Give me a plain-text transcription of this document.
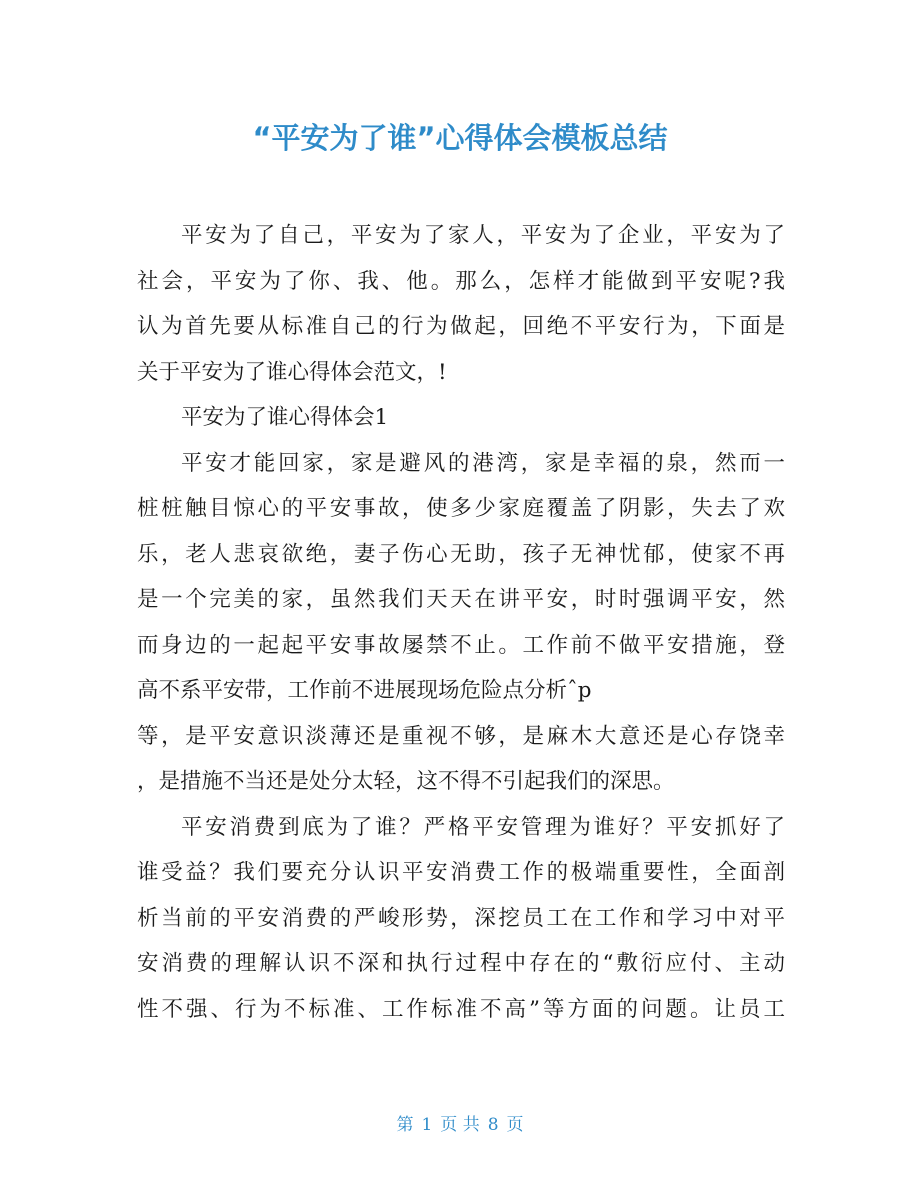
“平安为了谁”心得体会模板总结
平安为了自己，平安为了家人，平安为了企业，平安为了
社会，平安为了你、我、他。那么，怎样才能做到平安呢?我
认为首先要从标准自己的行为做起，回绝不平安行为，下面是
关于平安为了谁心得体会范文，!
平安为了谁心得体会1
平安才能回家，家是避风的港湾，家是幸福的泉，然而一
桩桩触目惊心的平安事故，使多少家庭覆盖了阴影，失去了欢
乐，老人悲哀欲绝，妻子伤心无助，孩子无神忧郁，使家不再
是一个完美的家，虽然我们天天在讲平安，时时强调平安，然
而身边的一起起平安事故屡禁不止。工作前不做平安措施，登
高不系平安带，工作前不进展现场危险点分析ˆp
等，是平安意识淡薄还是重视不够，是麻木大意还是心存饶幸
，是措施不当还是处分太轻，这不得不引起我们的深思。
平安消费到底为了谁？严格平安管理为谁好？平安抓好了
谁受益？我们要充分认识平安消费工作的极端重要性，全面剖
析当前的平安消费的严峻形势，深挖员工在工作和学习中对平
安消费的理解认识不深和执行过程中存在的“敷衍应付、主动
性不强、行为不标准、工作标准不高”等方面的问题。让员工
第 1 页 共 8 页
